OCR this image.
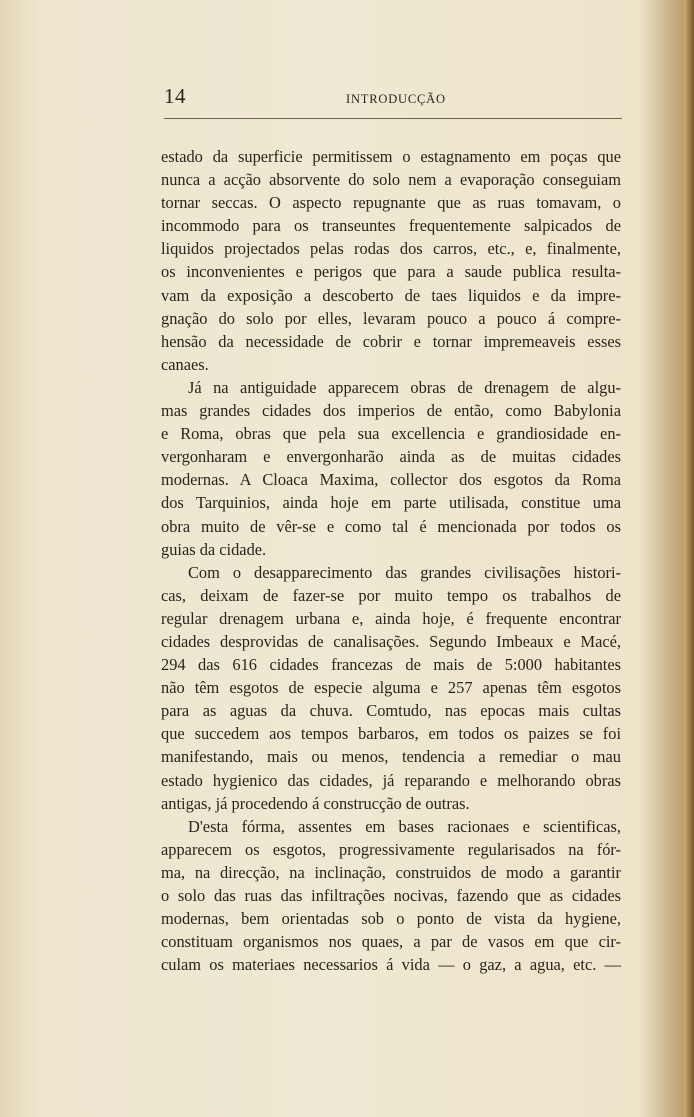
14	INTRODUCÇÃO
estado da superficie permitissem o estagnamento em poças que
nunca a acção absorvente do solo nem a evaporação conseguiam
tornar seccas. O aspecto repugnante que as ruas tomavam, o
incommodo para os transeuntes frequentemente salpicados de
liquidos projectados pelas rodas dos carros, etc., e, finalmente,
os inconvenientes e perigos que para a saude publica resulta-
vam da exposição a descoberto de taes liquidos e da impre-
gnação do solo por elles, levaram pouco a pouco á compre-
hensão da necessidade de cobrir e tornar impremeaveis esses
canaes.
Já na antiguidade apparecem obras de drenagem de algu-
mas grandes cidades dos imperios de então, como Babylonia
e Roma, obras que pela sua excellencia e grandiosidade en-
vergonharam e envergonharão ainda as de muitas cidades
modernas. A Cloaca Maxima, collector dos esgotos da Roma
dos Tarquinios, ainda hoje em parte utilisada, constitue uma
obra muito de vêr-se e como tal é mencionada por todos os
guias da cidade.
Com o desapparecimento das grandes civilisações histori-
cas, deixam de fazer-se por muito tempo os trabalhos de
regular drenagem urbana e, ainda hoje, é frequente encontrar
cidades desprovidas de canalisações. Segundo Imbeaux e Macé,
294 das 616 cidades francezas de mais de 5:000 habitantes
não têm esgotos de especie alguma e 257 apenas têm esgotos
para as aguas da chuva. Comtudo, nas epocas mais cultas
que succedem aos tempos barbaros, em todos os paizes se foi
manifestando, mais ou menos, tendencia a remediar o mau
estado hygienico das cidades, já reparando e melhorando obras
antigas, já procedendo á construcção de outras.
D'esta fórma, assentes em bases racionaes e scientificas,
apparecem os esgotos, progressivamente regularisados na fór-
ma, na direcção, na inclinação, construidos de modo a garantir
o solo das ruas das infiltrações nocivas, fazendo que as cidades
modernas, bem orientadas sob o ponto de vista da hygiene,
constituam organismos nos quaes, a par de vasos em que cir-
culam os materiaes necessarios á vida — o gaz, a agua, etc. —
